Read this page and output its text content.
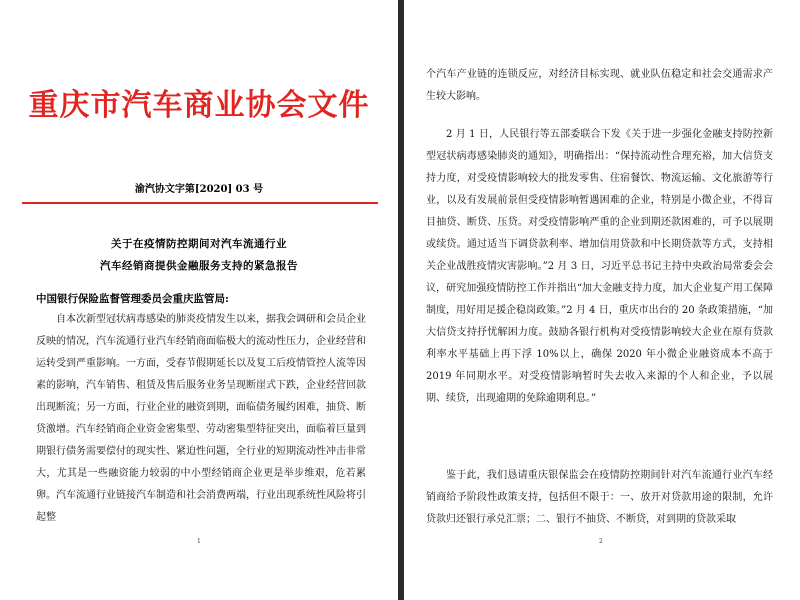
重庆市汽车商业协会文件
渝汽协文字第[2020] 03 号
关于在疫情防控期间对汽车流通行业
汽车经销商提供金融服务支持的紧急报告
中国银行保险监督管理委员会重庆监管局:
自本次新型冠状病毒感染的肺炎疫情发生以来，据我会调研和会员企业反映的情况，汽车流通行业汽车经销商面临极大的流动性压力，企业经营和运转受到严重影响。一方面，受春节假期延长以及复工后疫情管控人流等因素的影响，汽车销售、租赁及售后服务业务呈现断崖式下跌，企业经营回款出现断流；另一方面，行业企业的融资到期，面临债务履约困难，抽贷、断贷激增。汽车经销商企业资金密集型、劳动密集型特征突出，面临着巨量到期银行债务需要偿付的现实性、紧迫性问题，全行业的短期流动性冲击非常大，尤其是一些融资能力较弱的中小型经销商企业更是举步维艰，危若累卵。汽车流通行业链接汽车制造和社会消费两端，行业出现系统性风险将引起整
1
个汽车产业链的连锁反应，对经济目标实现、就业队伍稳定和社会交通需求产生较大影响。
2 月 1 日，人民银行等五部委联合下发《关于进一步强化金融支持防控新型冠状病毒感染肺炎的通知》，明确指出：“保持流动性合理充裕，加大信贷支持力度，对受疫情影响较大的批发零售、住宿餐饮、物流运输、文化旅游等行业，以及有发展前景但受疫情影响暂遇困难的企业，特别是小微企业，不得盲目抽贷、断贷、压贷。对受疫情影响严重的企业到期还款困难的，可予以展期或续贷。通过适当下调贷款利率、增加信用贷款和中长期贷款等方式，支持相关企业战胜疫情灾害影响。”2 月 3 日，习近平总书记主持中央政治局常委会会议，研究加强疫情防控工作并指出“加大金融支持力度，加大企业复产用工保障制度，用好用足援企稳岗政策。”2 月 4 日，重庆市出台的 20 条政策措施，“加大信贷支持抒忧解困力度。鼓励各银行机构对受疫情影响较大企业在原有贷款利率水平基础上再下浮 10%以上，确保 2020 年小微企业融资成本不高于 2019 年同期水平。对受疫情影响暂时失去收入来源的个人和企业，予以展期、续贷，出现逾期的免除逾期利息。”
鉴于此，我们恳请重庆银保监会在疫情防控期间针对汽车流通行业汽车经销商给予阶段性政策支持，包括但不限于：一、放开对贷款用途的限制，允许贷款归还银行承兑汇票；二、银行不抽贷、不断贷，对到期的贷款采取
2
